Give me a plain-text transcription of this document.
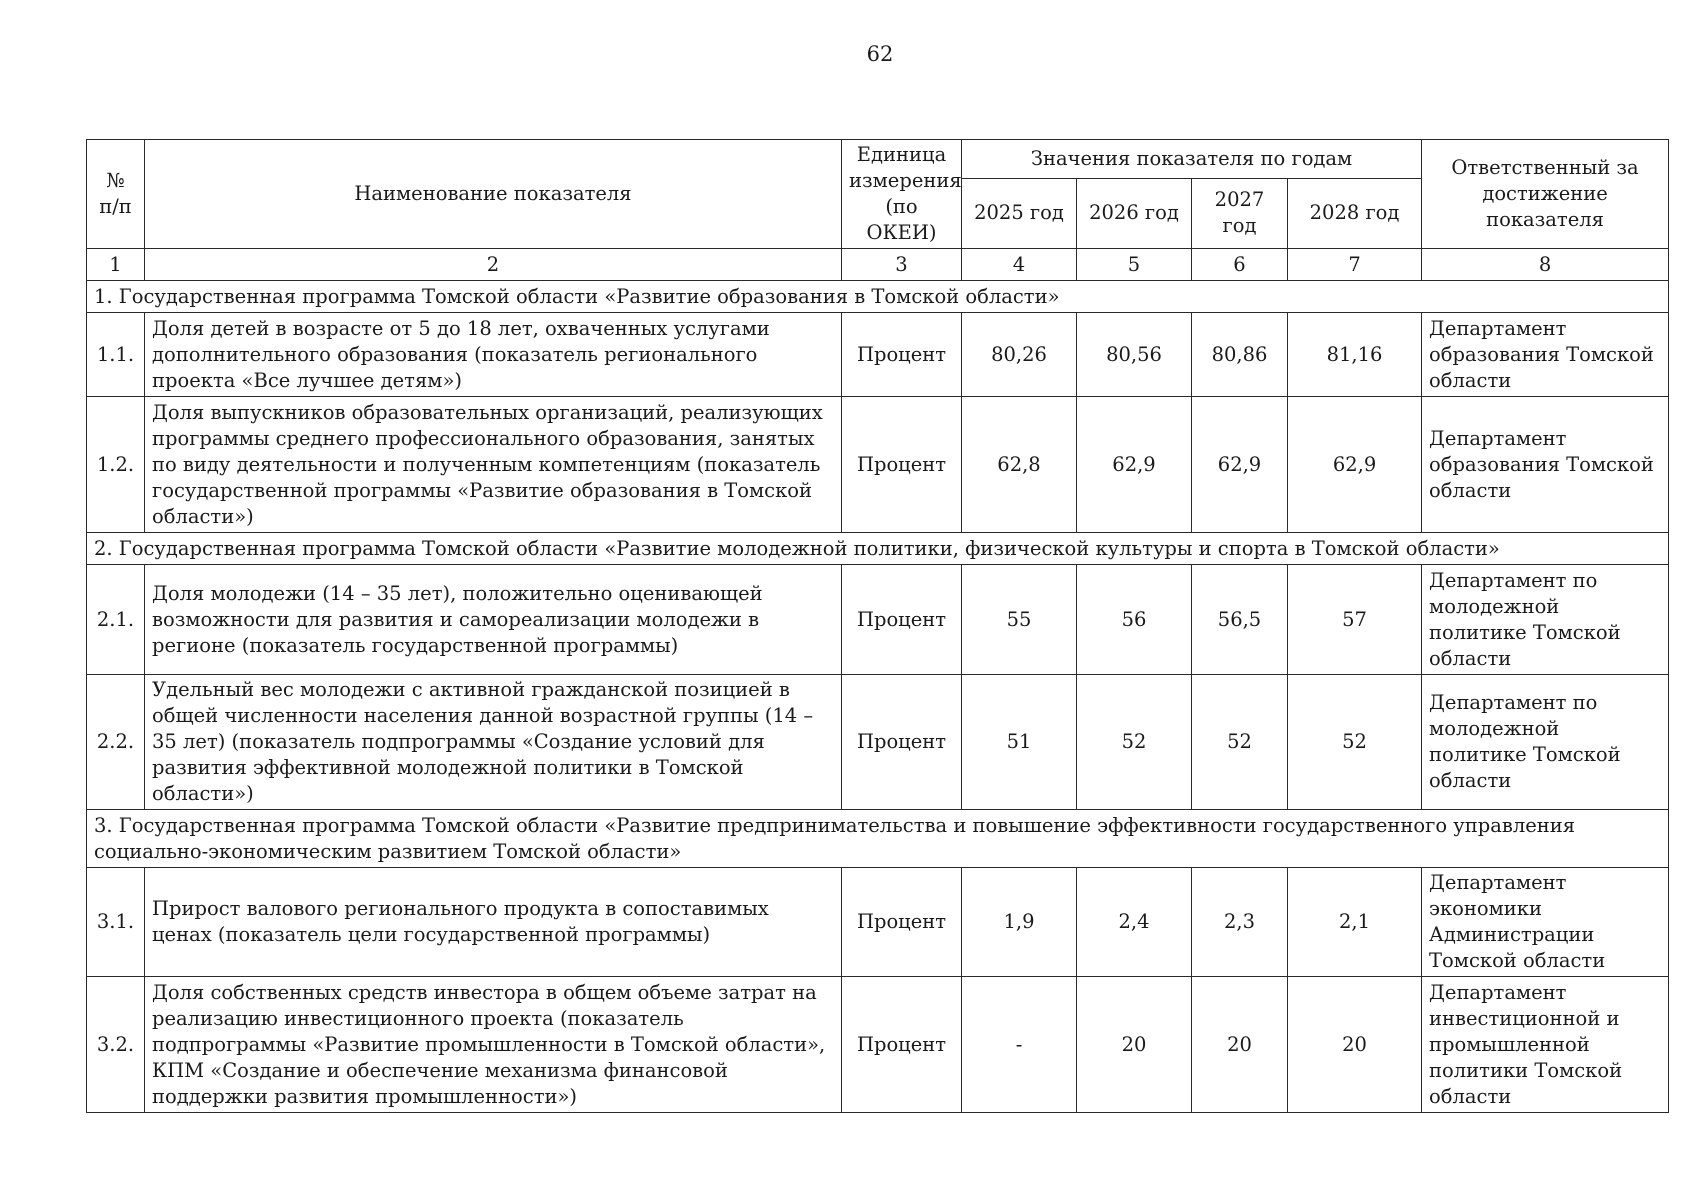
62
№ п/п	Наименование показателя	Единица измерения (по ОКЕИ)	Значения показателя по годам				Ответственный за достижение показателя
			2025 год	2026 год	2027 год	2028 год	
1	2	3	4	5	6	7	8
1. Государственная программа Томской области «Развитие образования в Томской области»							
1.1.	Доля детей в возрасте от 5 до 18 лет, охваченных услугами дополнительного образования (показатель регионального проекта «Все лучшее детям»)	Процент	80,26	80,56	80,86	81,16	Департамент образования Томской области
1.2.	Доля выпускников образовательных организаций, реализующих программы среднего профессионального образования, занятых по виду деятельности и полученным компетенциям (показатель государственной программы «Развитие образования в Томской области»)	Процент	62,8	62,9	62,9	62,9	Департамент образования Томской области
2. Государственная программа Томской области «Развитие молодежной политики, физической культуры и спорта в Томской области»							
2.1.	Доля молодежи (14 – 35 лет), положительно оценивающей возможности для развития и самореализации молодежи в регионе (показатель государственной программы)	Процент	55	56	56,5	57	Департамент по молодежной политике Томской области
2.2.	Удельный вес молодежи с активной гражданской позицией в общей численности населения данной возрастной группы (14 – 35 лет) (показатель подпрограммы «Создание условий для развития эффективной молодежной политики в Томской области»)	Процент	51	52	52	52	Департамент по молодежной политике Томской области
3. Государственная программа Томской области «Развитие предпринимательства и повышение эффективности государственного управления социально-экономическим развитием Томской области»							
3.1.	Прирост валового регионального продукта в сопоставимых ценах (показатель цели государственной программы)	Процент	1,9	2,4	2,3	2,1	Департамент экономики Администрации Томской области
3.2.	Доля собственных средств инвестора в общем объеме затрат на реализацию инвестиционного проекта (показатель подпрограммы «Развитие промышленности в Томской области», КПМ «Создание и обеспечение механизма финансовой поддержки развития промышленности»)	Процент	-	20	20	20	Департамент инвестиционной и промышленной политики Томской области
